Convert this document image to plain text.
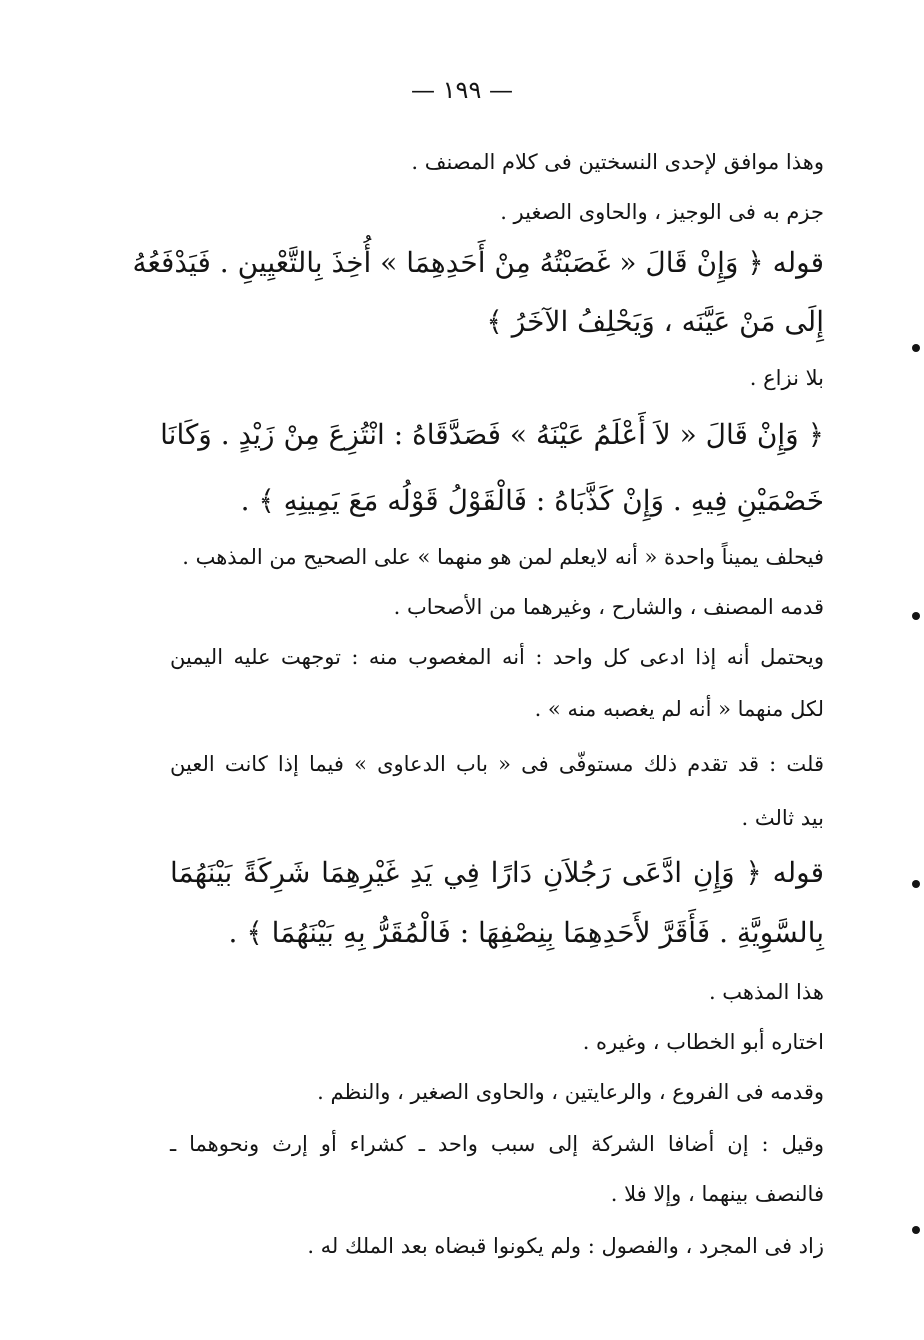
— ١٩٩ —
وهذا موافق لإحدى النسختين فى كلام المصنف .
جزم به فى الوجيز ، والحاوى الصغير .
قوله ﴿ وَإِنْ قَالَ « غَصَبْتُهُ مِنْ أَحَدِهِمَا » أُخِذَ بِالتَّعْيِينِ . فَيَدْفَعُهُ
إِلَى مَنْ عَيَّنَه ، وَيَحْلِفُ الآخَرُ ﴾
بلا نزاع .
﴿ وَإِنْ قَالَ « لاَ أَعْلَمُ عَيْنَهُ » فَصَدَّقَاهُ : انْتُزِعَ مِنْ زَيْدٍ . وَكَانَا
خَصْمَيْنِ فِيهِ . وَإِنْ كَذَّبَاهُ : فَالْقَوْلُ قَوْلُه مَعَ يَمِينِهِ ﴾ .
فيحلف يميناً واحدة « أنه لايعلم لمن هو منهما » على الصحيح من المذهب .
قدمه المصنف ، والشارح ، وغيرهما من الأصحاب .
ويحتمل أنه إذا ادعى كل واحد : أنه المغصوب منه : توجهت عليه اليمين
لكل منهما « أنه لم يغصبه منه » .
قلت : قد تقدم ذلك مستوفّى فى « باب الدعاوى » فيما إذا كانت العين
بيد ثالث .
قوله ﴿ وَإِنِ ادَّعَى رَجُلاَنِ دَارًا فِي يَدِ غَيْرِهِمَا شَرِكَةً بَيْنَهُمَا
بِالسَّوِيَّةِ . فَأَقَرَّ لأَحَدِهِمَا بِنِصْفِهَا : فَالْمُقَرُّ بِهِ بَيْنَهُمَا ﴾ .
هذا المذهب .
اختاره أبو الخطاب ، وغيره .
وقدمه فى الفروع ، والرعايتين ، والحاوى الصغير ، والنظم .
وقيل : إن أضافا الشركة إلى سبب واحد ـ كشراء أو إرث ونحوهما ـ
فالنصف بينهما ، وإلا فلا .
زاد فى المجرد ، والفصول : ولم يكونوا قبضاه بعد الملك له .
